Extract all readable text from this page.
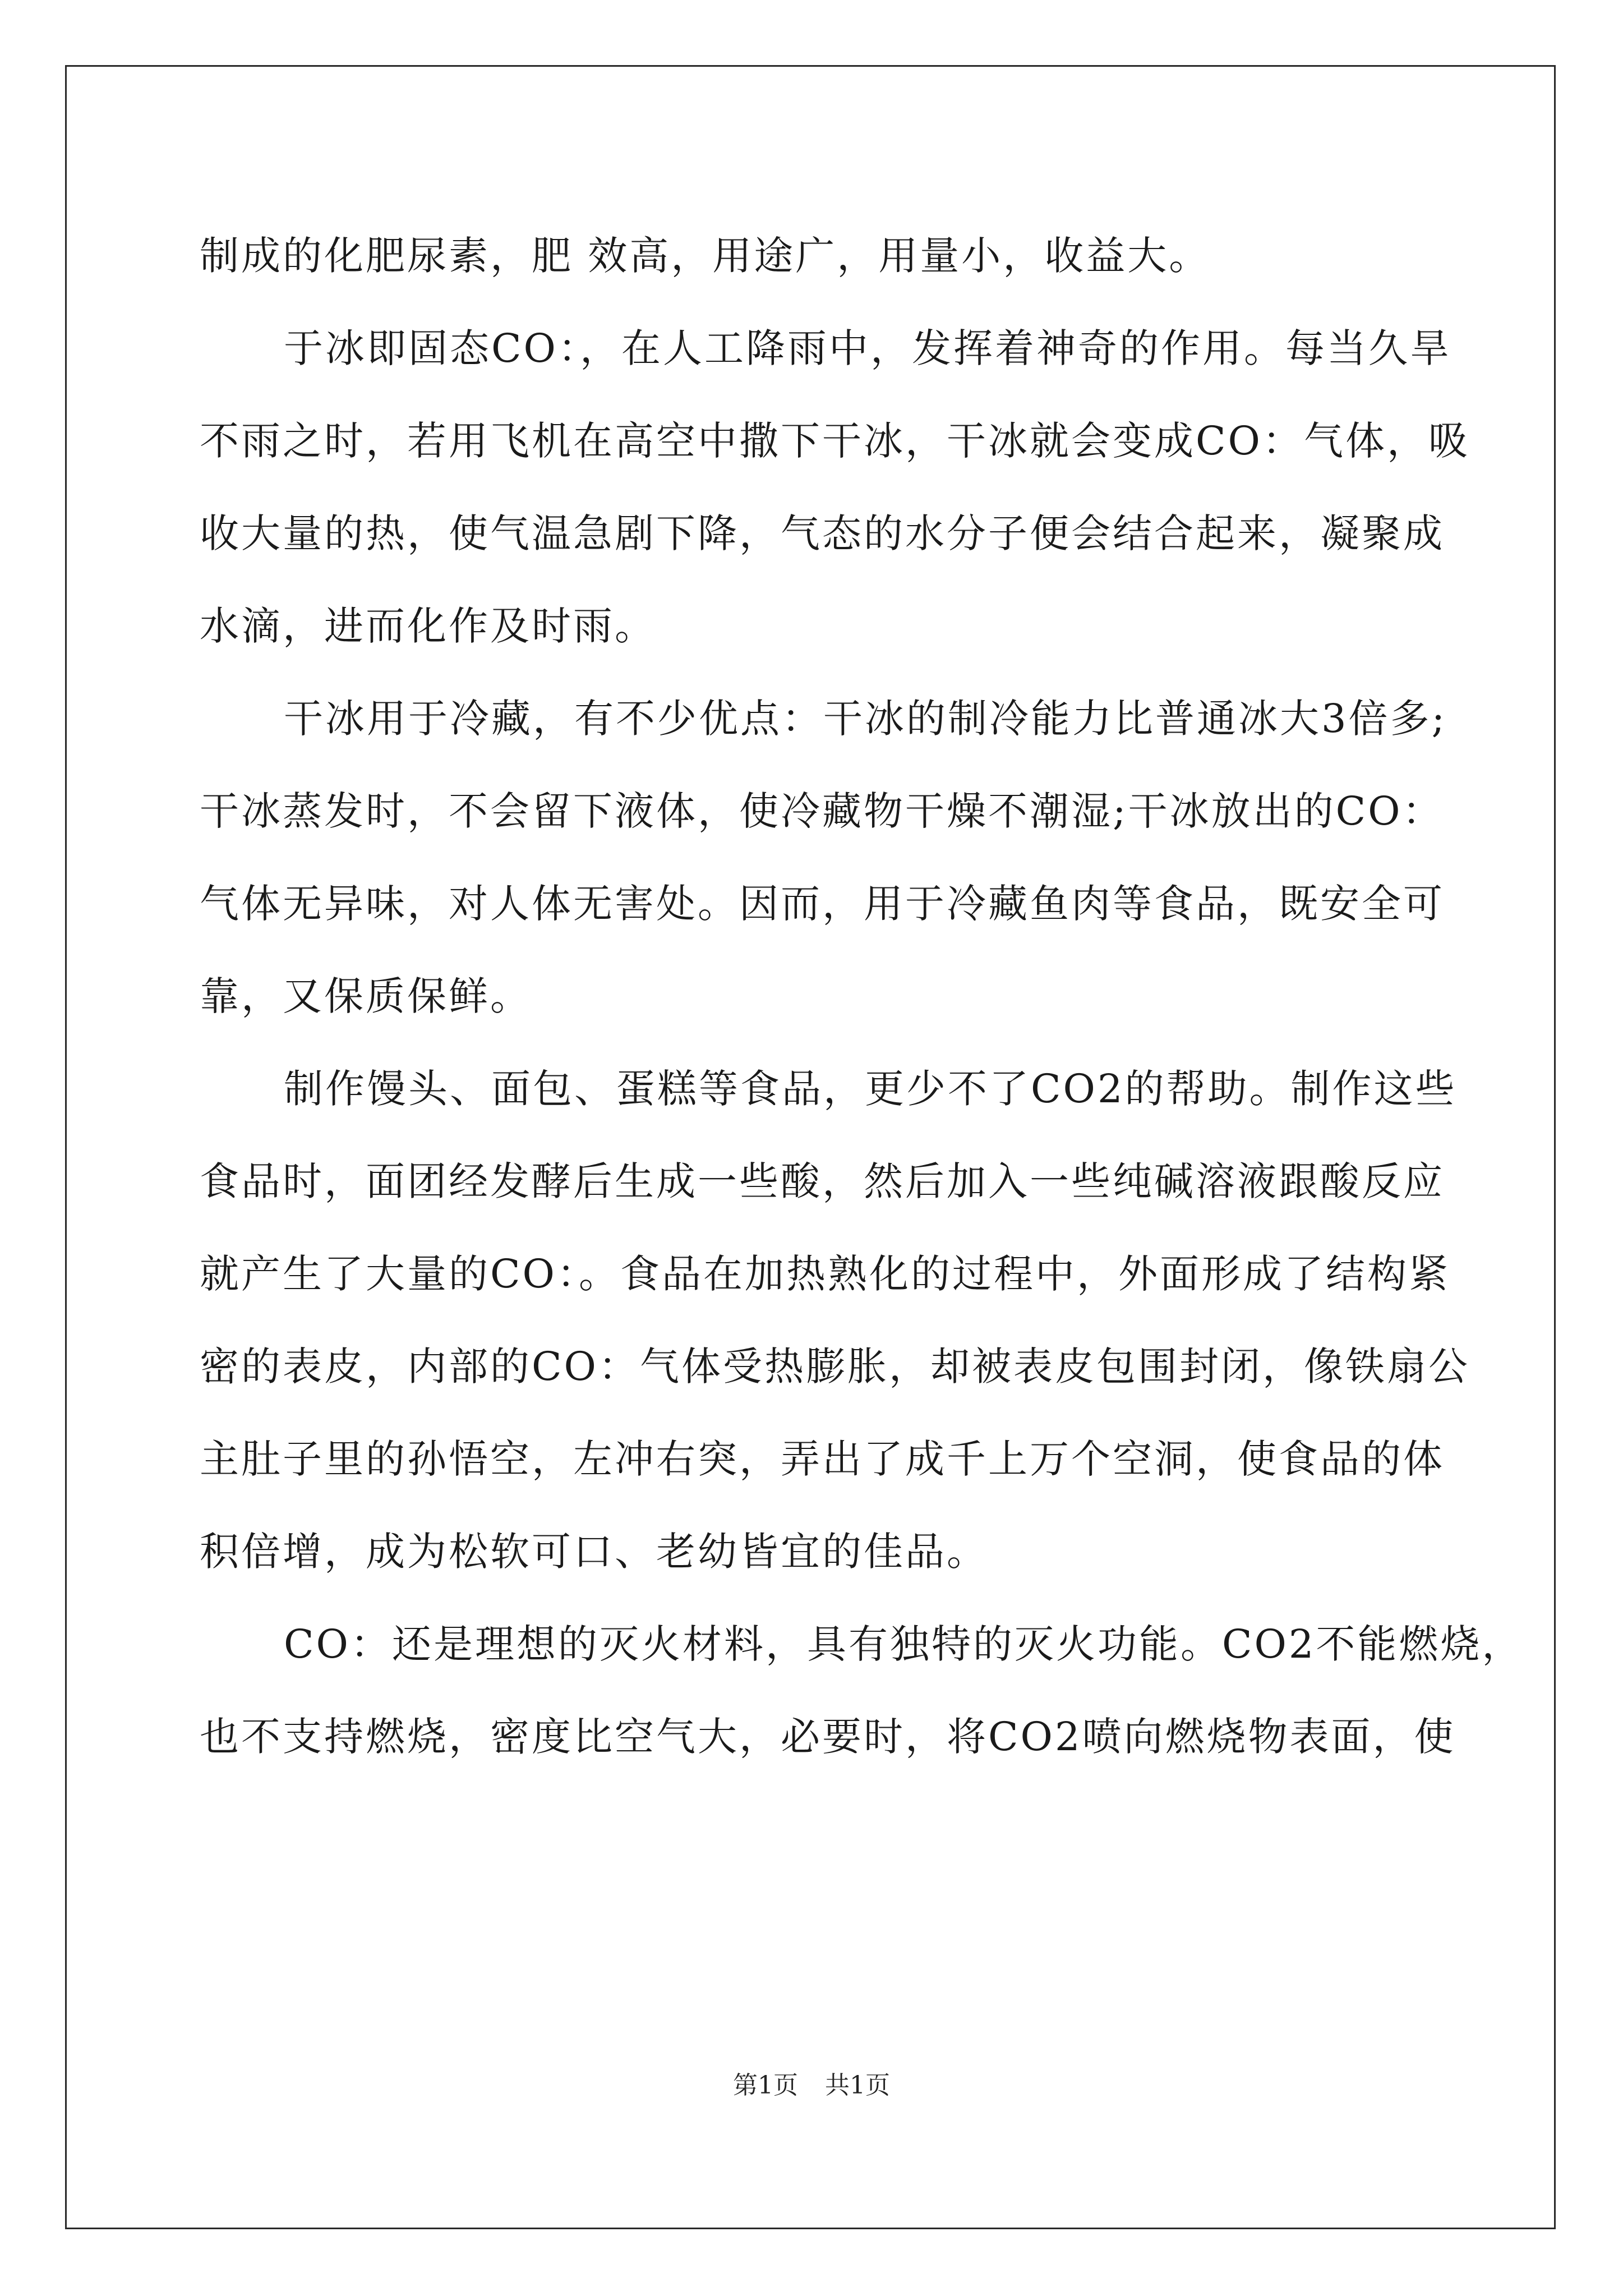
制成的化肥尿素，肥 效高，用途广，用量小，收益大。
于冰即固态CO：，在人工降雨中，发挥着神奇的作用。每当久旱
不雨之时，若用飞机在高空中撒下干冰，干冰就会变成CO：气体，吸
收大量的热，使气温急剧下降，气态的水分子便会结合起来，凝聚成
水滴，进而化作及时雨。
干冰用于冷藏，有不少优点：干冰的制冷能力比普通冰大3倍多;
干冰蒸发时，不会留下液体，使冷藏物干燥不潮湿;干冰放出的CO：
气体无异味，对人体无害处。因而，用于冷藏鱼肉等食品，既安全可
靠，又保质保鲜。
制作馒头、面包、蛋糕等食品，更少不了CO2的帮助。制作这些
食品时，面团经发酵后生成一些酸，然后加入一些纯碱溶液跟酸反应
就产生了大量的CO：。食品在加热熟化的过程中，外面形成了结构紧
密的表皮，内部的CO：气体受热膨胀，却被表皮包围封闭，像铁扇公
主肚子里的孙悟空，左冲右突，弄出了成千上万个空洞，使食品的体
积倍增，成为松软可口、老幼皆宜的佳品。
CO：还是理想的灭火材料，具有独特的灭火功能。CO2不能燃烧，
也不支持燃烧，密度比空气大，必要时，将CO2喷向燃烧物表面，使
第1页 共1页
